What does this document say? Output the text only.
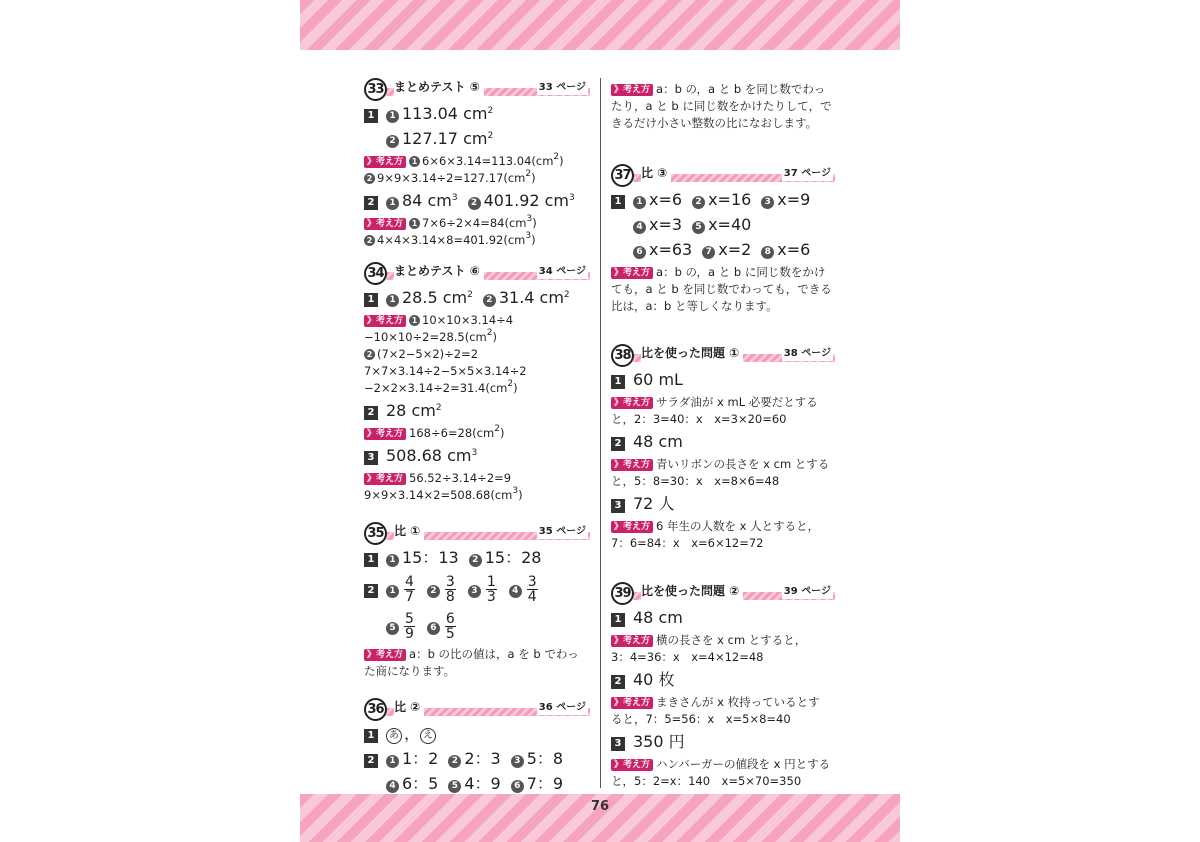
76
33 まとめテスト ⑤	33 ページ
1 1 113.04 $cm^2$
2 127.17 $cm^2$
》考え方 1 $6\times 6\times 3.14=113.04(cm^2)$
2 $9\times 9\times 3.14\div 2=127.17(cm^2)$
2 1 84 $cm^3$ 2 401.92 $cm^3$
》考え方 1 $7\times 6\div 2\times 4=84(cm^3)$
2 $4\times 4\times 3.14\times 8=401.92(cm^3)$
34 まとめテスト ⑥	34 ページ
1 1 28.5 $cm^2$ 2 31.4 $cm^2$
》考え方 1 10×10×3.14÷4
$-10\times 10\div 2=28.5(cm^2)$
2 (7×2−5×2)÷2=2
7×7×3.14÷2−5×5×3.14÷2
$-2\times 2\times 3.14\div 2=31.4(cm^2)$
2 28 $cm^2$
》考え方 $168\div 6=28(cm^2)$
3 508.68 $cm^3$
》考え方 56.52÷3.14÷2=9
$9\times 9\times 3.14\times 2=508.68(cm^3)$
35 比 ①	35 ページ
1 1 15：13 2 15：28
2 $1 \frac{4}{7} 2 \frac{3}{8} 3 \frac{1}{3} 4 \frac{3}{4}$
$5 \frac{5}{9} 6 \frac{6}{5}$
》考え方 a：b の比の値は，a を b でわっ
た商になります。
36 比 ②	36 ページ
1 あ ， え
2 1 1：2 2 2：3 3 5：8
4 6：5 5 4：9 6 7：9
》考え方 a：b の，a と b を同じ数でわっ
たり，a と b に同じ数をかけたりして，で
きるだけ小さい整数の比になおします。
37 比 ③	37 ページ
1 1 x=6 2 x=16 3 x=9
4 x=3 5 x=40
6 x=63 7 x=2 8 x=6
》考え方 a：b の，a と b に同じ数をかけ
ても，a と b を同じ数でわっても，できる
比は，a：b と等しくなります。
38 比を使った問題 ①	38 ページ
1 60 mL
》考え方 サラダ油が x mL 必要だとする
と，2：3=40：x　x=3×20=60
2 48 cm
》考え方 青いリボンの長さを x cm とする
と，5：8=30：x　x=8×6=48
3 72 人
》考え方 6 年生の人数を x 人とすると，
7：6=84：x　x=6×12=72
39 比を使った問題 ②	39 ページ
1 48 cm
》考え方 横の長さを x cm とすると，
3：4=36：x　x=4×12=48
2 40 枚
》考え方 まきさんが x 枚持っているとす
ると，7：5=56：x　x=5×8=40
3 350 円
》考え方 ハンバーガーの値段を x 円とする
と，5：2=x：140　x=5×70=350
